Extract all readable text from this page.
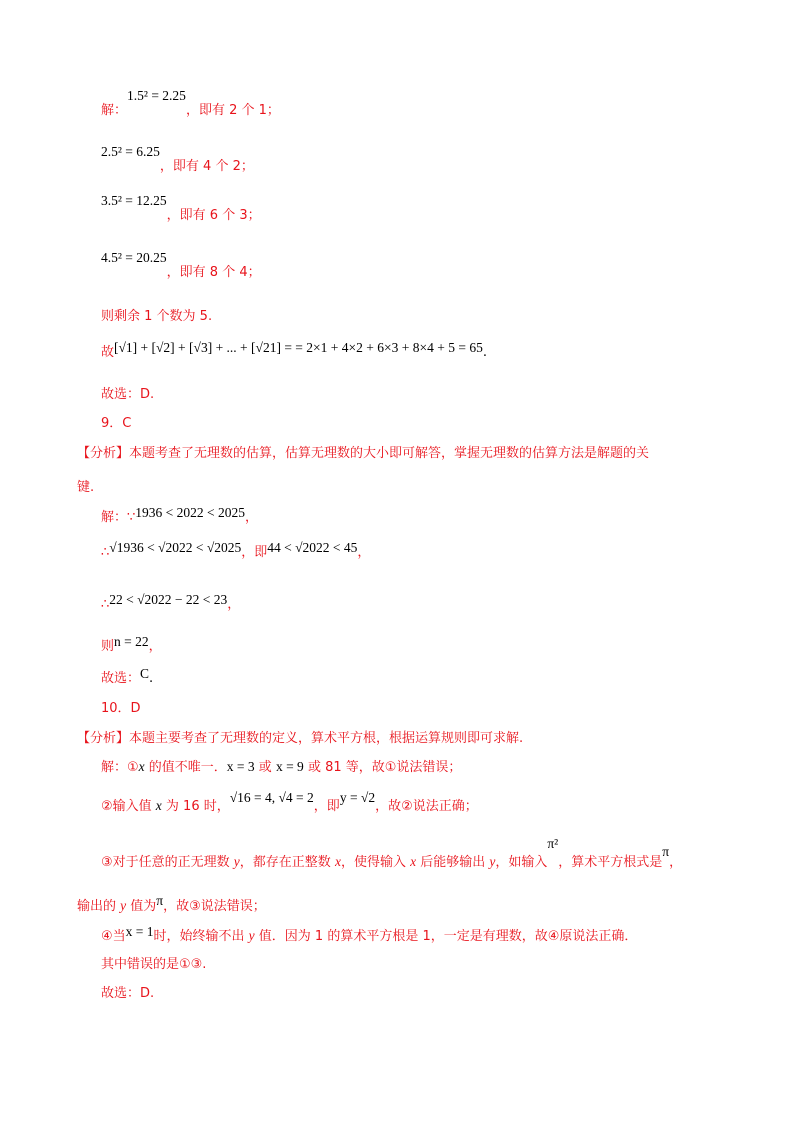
解：1.5² = 2.25，即有 2 个 1；
2.5² = 6.25，即有 4 个 2；
3.5² = 12.25，即有 6 个 3；
4.5² = 20.25，即有 8 个 4；
则剩余 1 个数为 5.
故[√1] + [√2] + [√3] + ... + [√21] = = 2×1 + 4×2 + 6×3 + 8×4 + 5 = 65.
故选：D.
9．C
【分析】本题考查了无理数的估算，估算无理数的大小即可解答，掌握无理数的估算方法是解题的关
键.
解：∵1936 < 2022 < 2025，
∴√1936 < √2022 < √2025，即44 < √2022 < 45，
∴22 < √2022 − 22 < 23，
则n = 22，
故选：C.
10．D
【分析】本题主要考查了无理数的定义，算术平方根，根据运算规则即可求解.
解：①x 的值不唯一．x = 3 或 x = 9 或 81 等，故①说法错误；
②输入值 x 为 16 时，√16 = 4, √4 = 2，即y = √2，故②说法正确；
③对于任意的正无理数 y，都存在正整数 x，使得输入 x 后能够输出 y，如输入π²，算术平方根式是π，
输出的 y 值为π，故③说法错误；
④当x = 1时，始终输不出 y 值．因为 1 的算术平方根是 1，一定是有理数，故④原说法正确．
其中错误的是①③.
故选：D.
